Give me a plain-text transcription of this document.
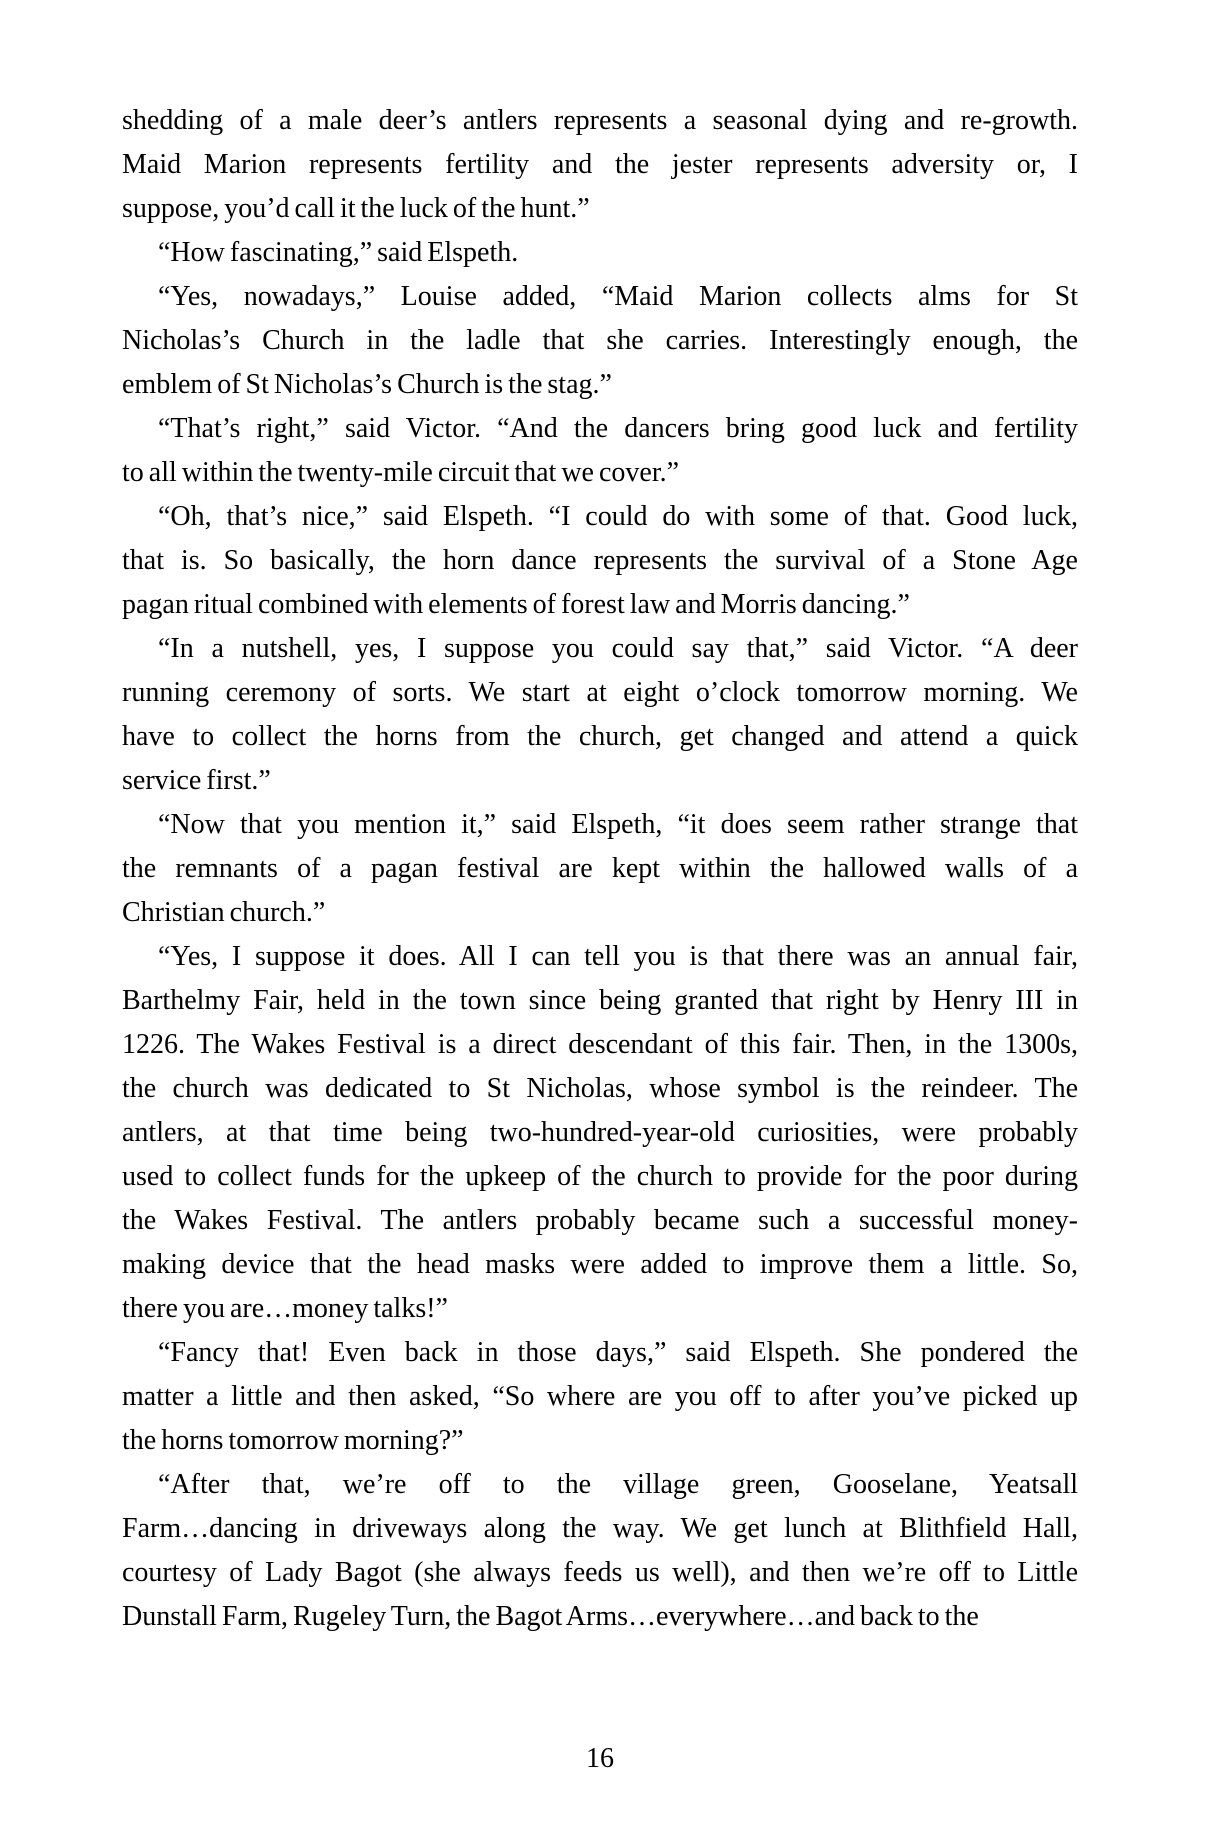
shedding of a male deer’s antlers represents a seasonal dying and re-growth.
Maid Marion represents fertility and the jester represents adversity or, I
suppose, you’d call it the luck of the hunt.”
“How fascinating,” said Elspeth.
“Yes, nowadays,” Louise added, “Maid Marion collects alms for St
Nicholas’s Church in the ladle that she carries. Interestingly enough, the
emblem of St Nicholas’s Church is the stag.”
“That’s right,” said Victor. “And the dancers bring good luck and fertility
to all within the twenty-mile circuit that we cover.”
“Oh, that’s nice,” said Elspeth. “I could do with some of that. Good luck,
that is. So basically, the horn dance represents the survival of a Stone Age
pagan ritual combined with elements of forest law and Morris dancing.”
“In a nutshell, yes, I suppose you could say that,” said Victor. “A deer
running ceremony of sorts. We start at eight o’clock tomorrow morning. We
have to collect the horns from the church, get changed and attend a quick
service first.”
“Now that you mention it,” said Elspeth, “it does seem rather strange that
the remnants of a pagan festival are kept within the hallowed walls of a
Christian church.”
“Yes, I suppose it does. All I can tell you is that there was an annual fair,
Barthelmy Fair, held in the town since being granted that right by Henry III in
1226. The Wakes Festival is a direct descendant of this fair. Then, in the 1300s,
the church was dedicated to St Nicholas, whose symbol is the reindeer. The
antlers, at that time being two-hundred-year-old curiosities, were probably
used to collect funds for the upkeep of the church to provide for the poor during
the Wakes Festival. The antlers probably became such a successful money-
making device that the head masks were added to improve them a little. So,
there you are…money talks!”
“Fancy that! Even back in those days,” said Elspeth. She pondered the
matter a little and then asked, “So where are you off to after you’ve picked up
the horns tomorrow morning?”
“After that, we’re off to the village green, Gooselane, Yeatsall
Farm…dancing in driveways along the way. We get lunch at Blithfield Hall,
courtesy of Lady Bagot (she always feeds us well), and then we’re off to Little
Dunstall Farm, Rugeley Turn, the Bagot Arms…everywhere…and back to the
16
